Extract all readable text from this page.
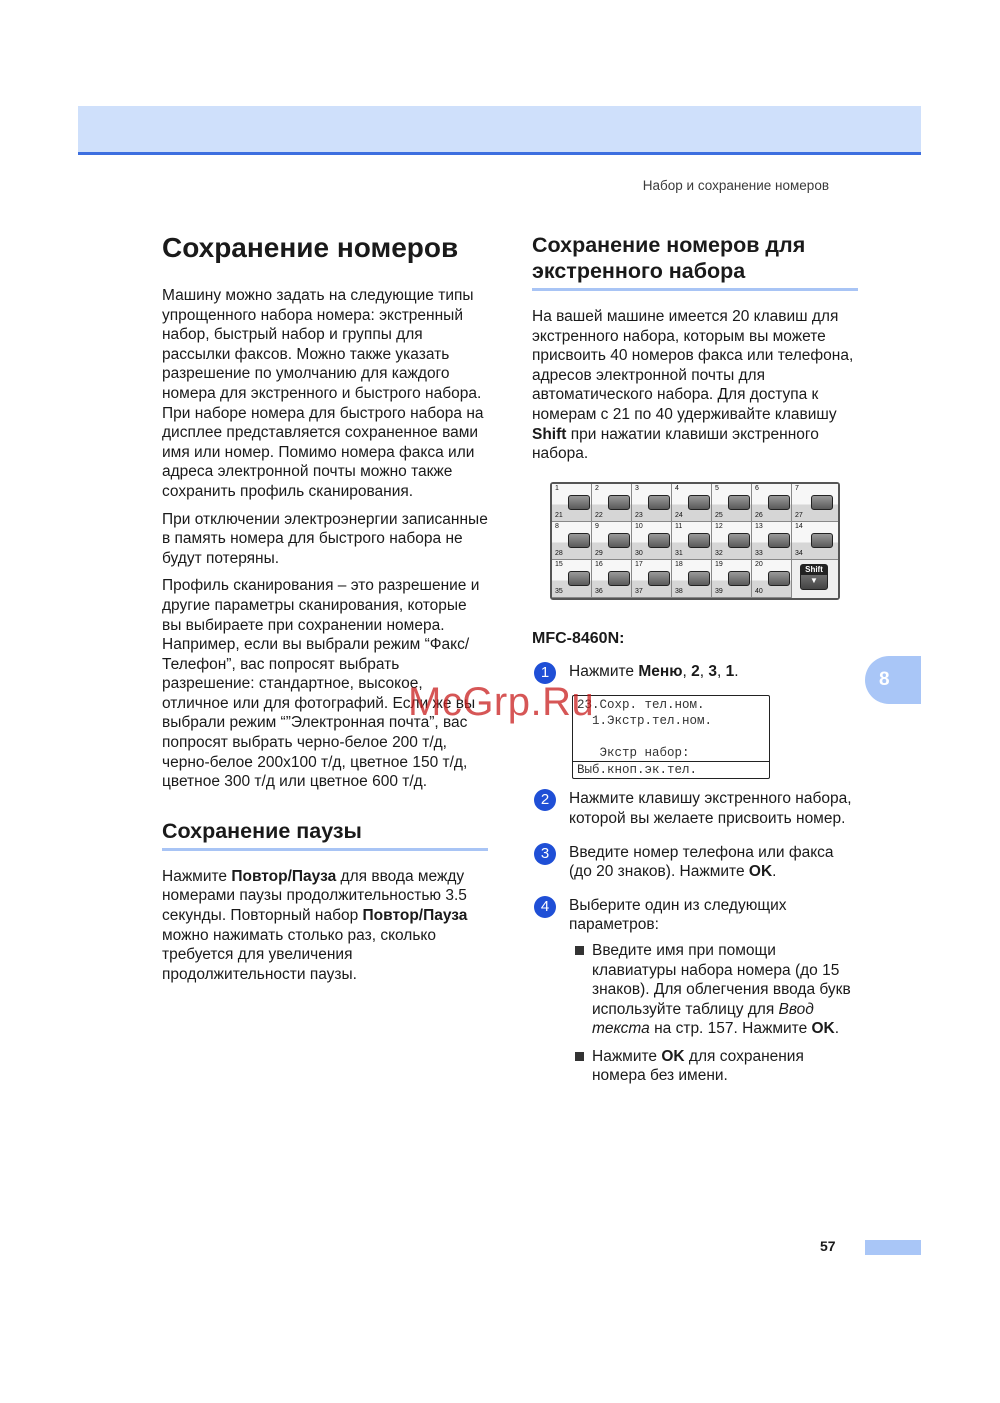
Набор и сохранение номеров
Сохранение номеров

Машину можно задать на следующие типы упрощенного набора номера: экстренный набор, быстрый набор и группы для рассылки факсов. Можно также указать разрешение по умолчанию для каждого номера для экстренного и быстрого набора. При наборе номера для быстрого набора на дисплее представляется сохраненное вами имя или номер. Помимо номера факса или адреса электронной почты можно также сохранить профиль сканирования.

При отключении электроэнергии записанные в память номера для быстрого набора не будут потеряны.

Профиль сканирования – это разрешение и другие параметры сканирования, которые вы выбираете при сохранении номера. Например, если вы выбрали режим “Факс/Телефон”, вас попросят выбрать разрешение: стандартное, высокое, отличное или для фотографий. Если же вы выбрали режим “”Электронная почта”, вас попросят выбрать черно-белое 200 т/д, черно-белое 200x100 т/д, цветное 150 т/д, цветное 300 т/д или цветное 600 т/д.

Сохранение паузы

Нажмите Повтор/Пауза для ввода между номерами паузы продолжительностью 3.5 секунды. Повторный набор Повтор/Пауза можно нажимать столько раз, сколько требуется для увеличения продолжительности паузы.

Сохранение номеров для
экстренного набора

На вашей машине имеется 20 клавиш для экстренного набора, которым вы можете присвоить 40 номеров факса или телефона, адресов электронной почты для автоматического набора. Для доступа к номерам с 21 по 40 удерживайте клавишу Shift при нажатии клавиши экстренного набора.

1
21
2
22
3
23
4
24
5
25
6
26
8
28
9
29
10
30
11
31
12
32
13
33
15
35
16
36
17
37
18
38
19
39
20
40
7
27
14
34
Shift
▼
MFC-8460N:
1	Нажмите Меню, 2, 3, 1.

23.Сохр. тел.ном.
1.Экстр.тел.ном.
Экстр набор:
Выб.кноп.эк.тел.
2	Нажмите клавишу экстренного набора, которой вы желаете присвоить номер.

3	Введите номер телефона или факса (до 20 знаков). Нажмите OK.

4	Выберите один из следующих параметров:

Введите имя при помощи клавиатуры набора номера (до 15 знаков). Для облегчения ввода букв используйте таблицу для Ввод текста на стр. 157. Нажмите OK.

Нажмите OK для сохранения номера без имени.

8
McGrp.Ru
57
